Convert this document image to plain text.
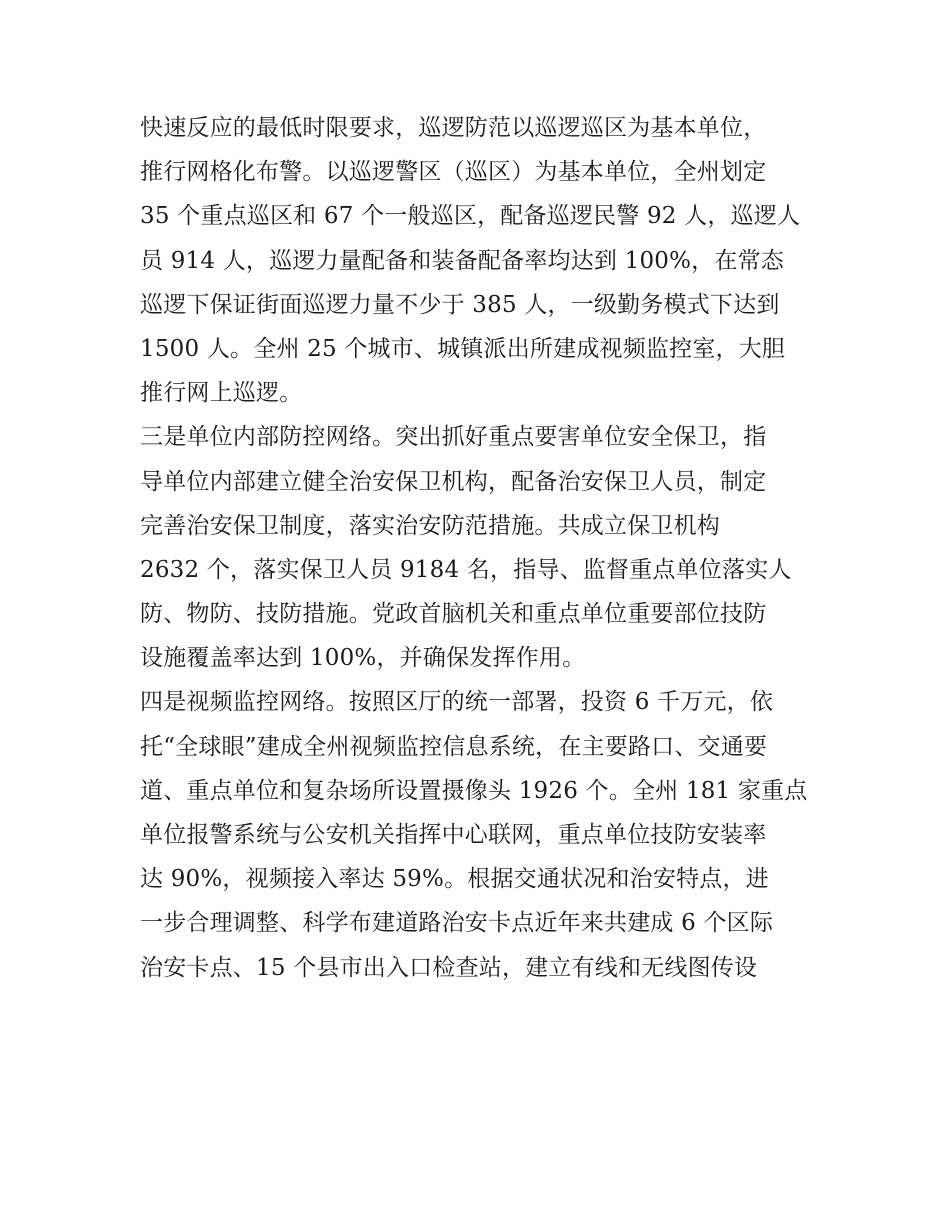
快速反应的最低时限要求，巡逻防范以巡逻巡区为基本单位，
推行网格化布警。以巡逻警区（巡区）为基本单位，全州划定
35 个重点巡区和 67 个一般巡区，配备巡逻民警 92 人，巡逻人
员 914 人，巡逻力量配备和装备配备率均达到 100%，在常态
巡逻下保证街面巡逻力量不少于 385 人，一级勤务模式下达到
1500 人。全州 25 个城市、城镇派出所建成视频监控室，大胆
推行网上巡逻。
三是单位内部防控网络。突出抓好重点要害单位安全保卫，指
导单位内部建立健全治安保卫机构，配备治安保卫人员，制定
完善治安保卫制度，落实治安防范措施。共成立保卫机构
2632 个，落实保卫人员 9184 名，指导、监督重点单位落实人
防、物防、技防措施。党政首脑机关和重点单位重要部位技防
设施覆盖率达到 100%，并确保发挥作用。
四是视频监控网络。按照区厅的统一部署，投资 6 千万元，依
托“全球眼”建成全州视频监控信息系统，在主要路口、交通要
道、重点单位和复杂场所设置摄像头 1926 个。全州 181 家重点
单位报警系统与公安机关指挥中心联网，重点单位技防安装率
达 90%，视频接入率达 59%。根据交通状况和治安特点，进
一步合理调整、科学布建道路治安卡点近年来共建成 6 个区际
治安卡点、15 个县市出入口检查站，建立有线和无线图传设
